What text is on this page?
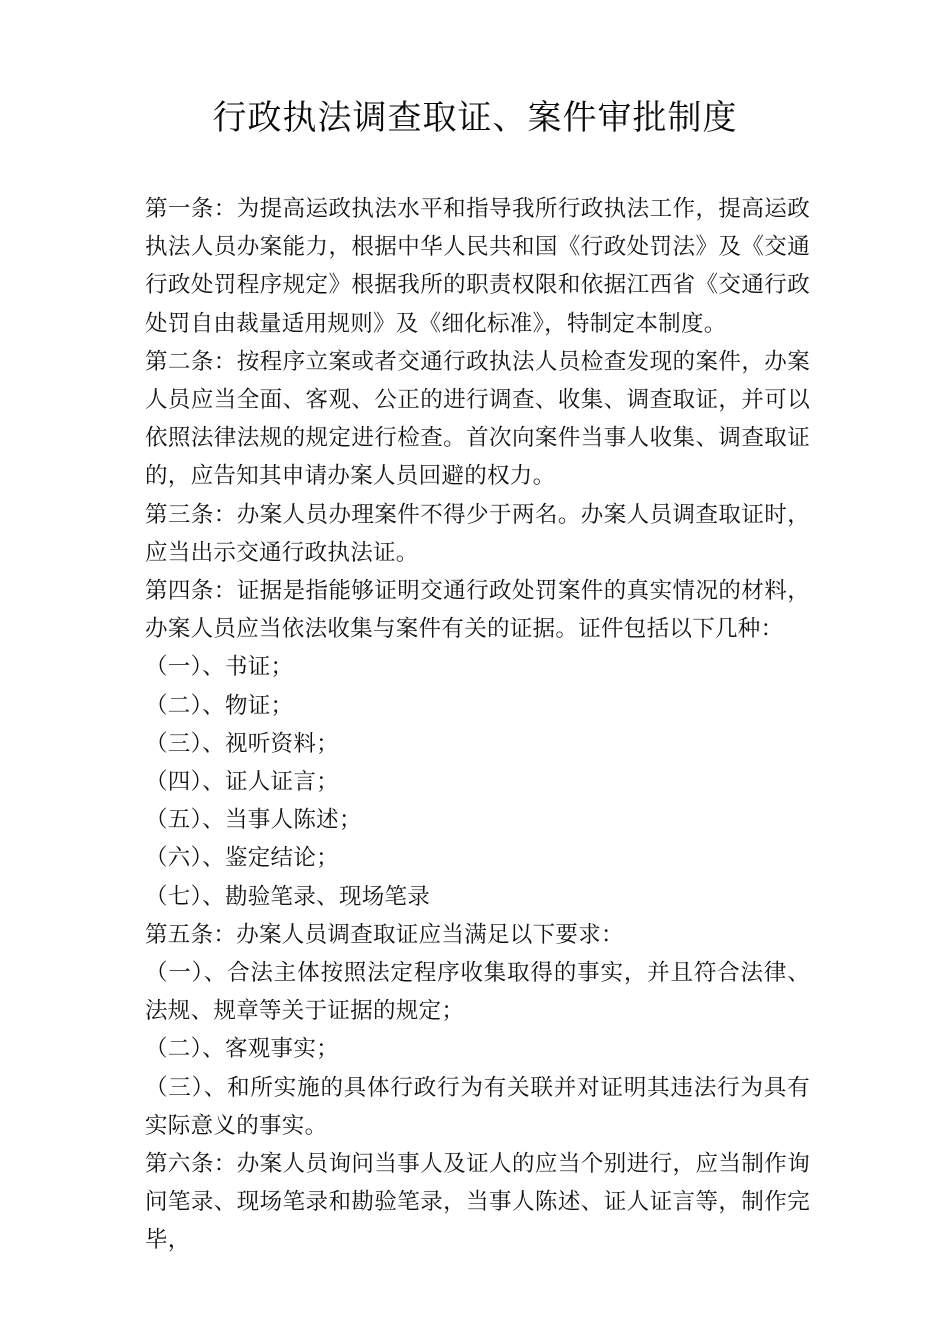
行政执法调查取证、案件审批制度

第一条：为提高运政执法水平和指导我所行政执法工作，提高运政执法人员办案能力，根据中华人民共和国《行政处罚法》及《交通行政处罚程序规定》根据我所的职责权限和依据江西省《交通行政处罚自由裁量适用规则》及《细化标准》，特制定本制度。

第二条：按程序立案或者交通行政执法人员检查发现的案件，办案人员应当全面、客观、公正的进行调查、收集、调查取证，并可以依照法律法规的规定进行检查。首次向案件当事人收集、调查取证的，应告知其申请办案人员回避的权力。

第三条：办案人员办理案件不得少于两名。办案人员调查取证时，应当出示交通行政执法证。

第四条：证据是指能够证明交通行政处罚案件的真实情况的材料，办案人员应当依法收集与案件有关的证据。证件包括以下几种：

（一）、书证；

（二）、物证；

（三）、视听资料；

（四）、证人证言；

（五）、当事人陈述；

（六）、鉴定结论；

（七）、勘验笔录、现场笔录

第五条：办案人员调查取证应当满足以下要求：

（一）、合法主体按照法定程序收集取得的事实，并且符合法律、法规、规章等关于证据的规定；

（二）、客观事实；

（三）、和所实施的具体行政行为有关联并对证明其违法行为具有实际意义的事实。

第六条：办案人员询问当事人及证人的应当个别进行，应当制作询问笔录、现场笔录和勘验笔录，当事人陈述、证人证言等，制作完毕，
